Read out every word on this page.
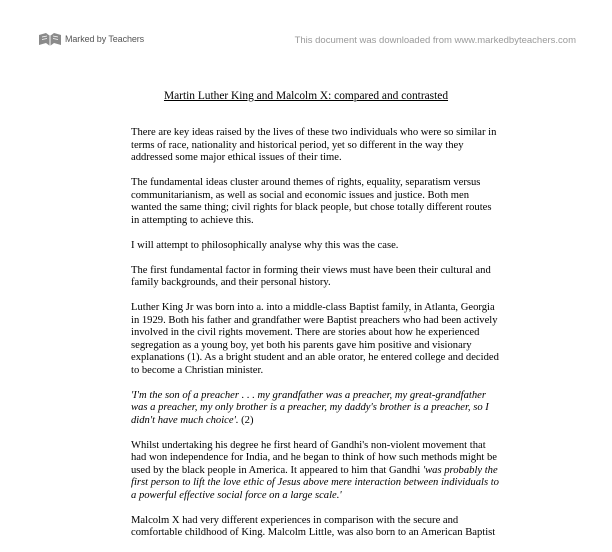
Marked by Teachers	This document was downloaded from www.markedbyteachers.com
Martin Luther King and Malcolm X: compared and contrasted

There are key ideas raised by the lives of these two individuals who were so similar in terms of race, nationality and historical period, yet so different in the way they addressed some major ethical issues of their time.

The fundamental ideas cluster around themes of rights, equality, separatism versus communitarianism, as well as social and economic issues and justice. Both men wanted the same thing; civil rights for black people, but chose totally different routes in attempting to achieve this.

I will attempt to philosophically analyse why this was the case.

The first fundamental factor in forming their views must have been their cultural and family backgrounds, and their personal history.

Luther King Jr was born into a. into a middle-class Baptist family, in Atlanta, Georgia in 1929. Both his father and grandfather were Baptist preachers who had been actively involved in the civil rights movement. There are stories about how he experienced segregation as a young boy, yet both his parents gave him positive and visionary explanations (1). As a bright student and an able orator, he entered college and decided to become a Christian minister.

'I'm the son of a preacher . . . my grandfather was a preacher, my great-grandfather was a preacher, my only brother is a preacher, my daddy's brother is a preacher, so I didn't have much choice'. (2)

Whilst undertaking his degree he first heard of Gandhi's non-violent movement that had won independence for India, and he began to think of how such methods might be used by the black people in America. It appeared to him that Gandhi 'was probably the first person to lift the love ethic of Jesus above mere interaction between individuals to a powerful effective social force on a large scale.'

Malcolm X had very different experiences in comparison with the secure and comfortable childhood of King. Malcolm Little, was also born to an American Baptist
